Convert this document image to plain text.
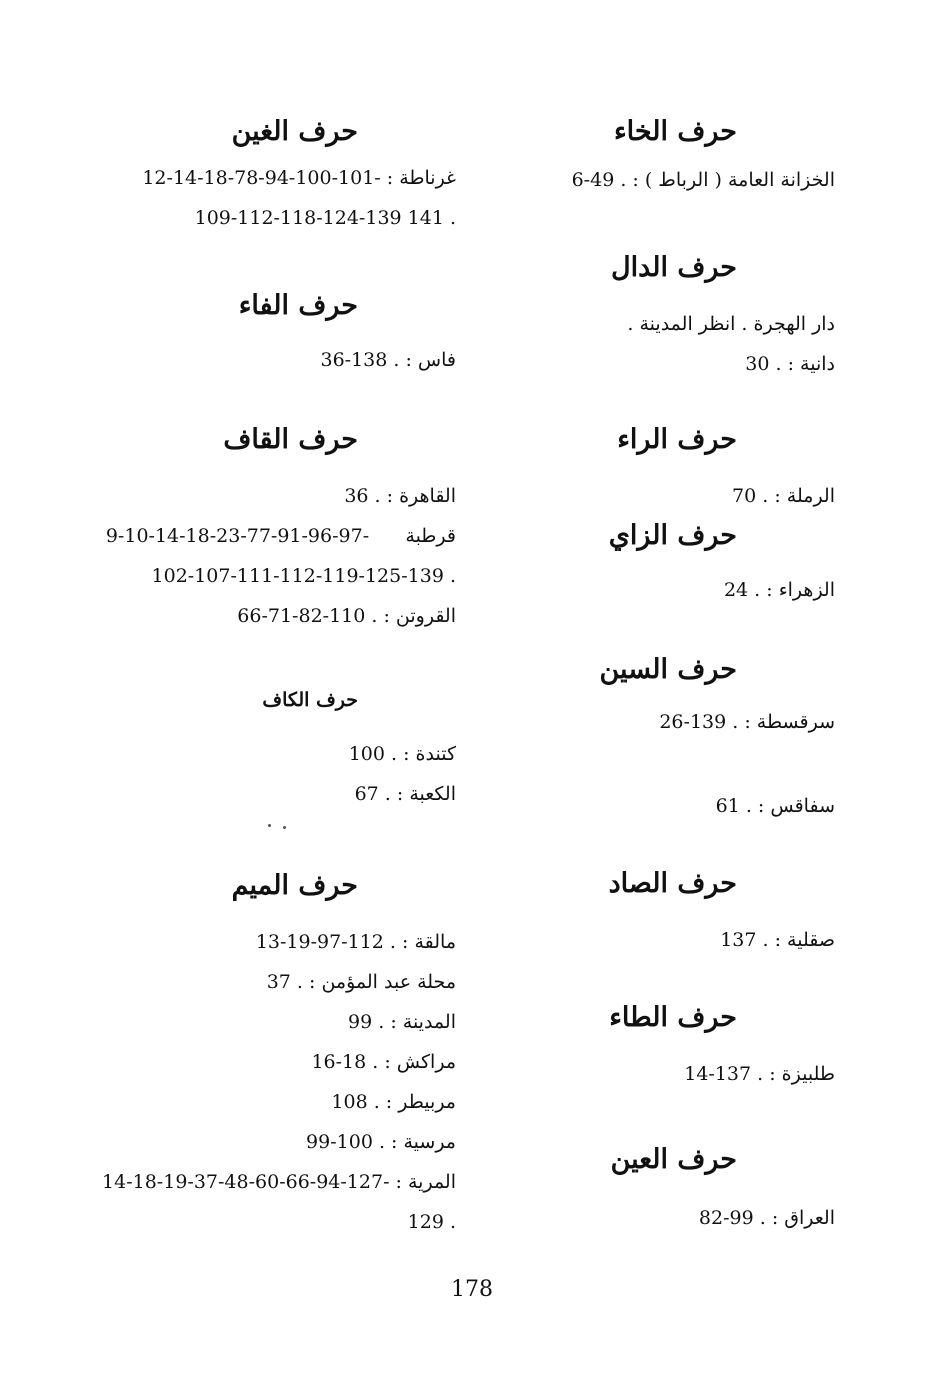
حرف الخاء
الخزانة العامة ( الرباط ) : 6-49 .
حرف الدال
دار الهجرة . انظر المدينة .
دانية : 30 .
حرف الراء
الرملة : 70 .
حرف الزاي
الزهراء : 24 .
حرف السين
سرقسطة : 26-139 .
سفاقس : 61 .
حرف الصاد
صقلية : 137 .
حرف الطاء
طلبيزة : 14-137 .
حرف العين
العراق : 82-99 .
حرف الغين
غرناطة : 12-14-18-78-94-100-101-
109-112-118-124-139 141 .
حرف الفاء
فاس : 36-138 .
حرف القاف
القاهرة : 36 .
قرطبة      9-10-14-18-23-77-91-96-97-
102-107-111-112-119-125-139 .
القروتن : 66-71-82-110 .
حرف الكاف
كتندة : 100 .
الكعبة : 67 .
حرف الميم
مالقة : 13-19-97-112 .
محلة عبد المؤمن : 37 .
المدينة : 99 .
مراكش : 16-18 .
مربيطر : 108 .
مرسية : 99-100 .
المرية : 14-18-19-37-48-60-66-94-127-
129 .
178
